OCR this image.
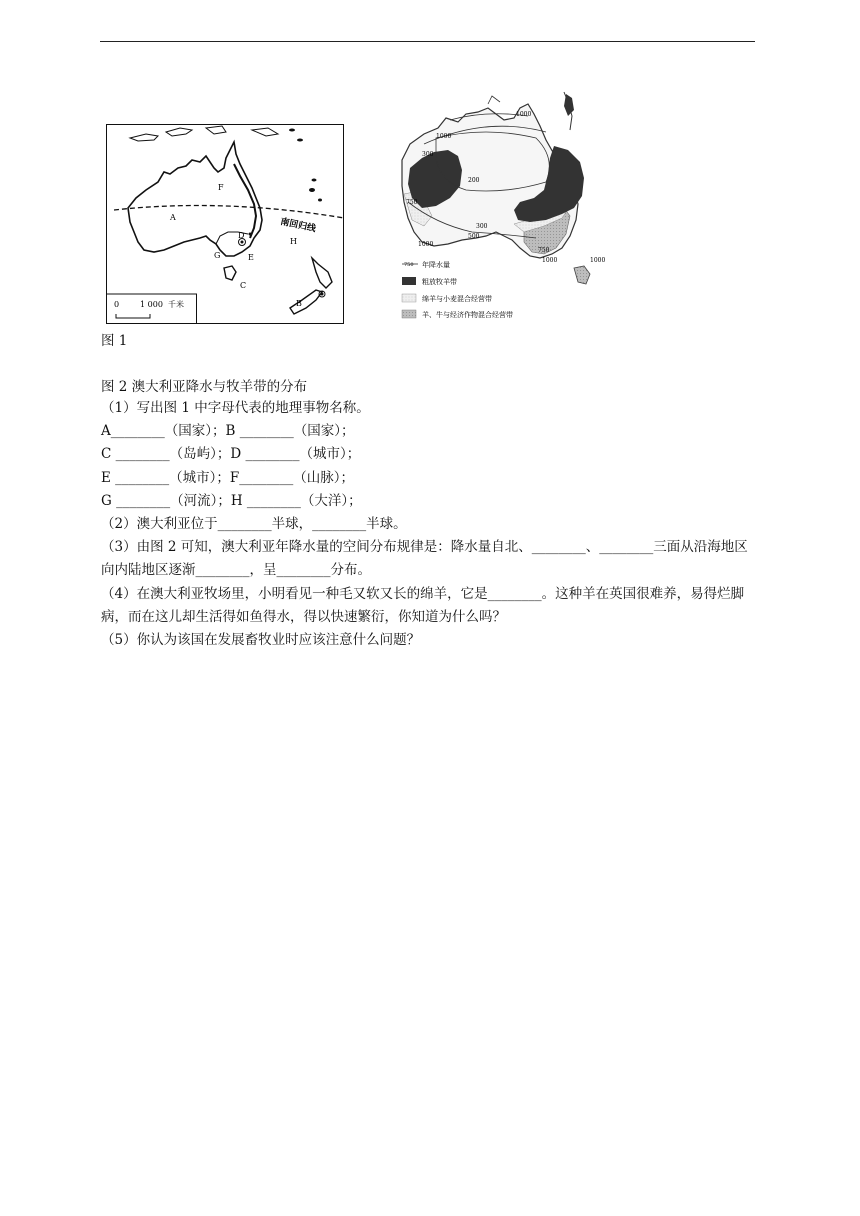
南回归线
A
B
C
D
E
F
G
H
0	1 000 千米
1000
300
200
750
500
300
1000
750
1000	1000
1000
750 年降水量
粗放牧羊带
绵羊与小麦混合经营带
羊、牛与经济作物混合经营带
图 1
图 2 澳大利亚降水与牧羊带的分布

（1）写出图 1 中字母代表的地理事物名称。

A________（国家）；B ________（国家）；

C ________（岛屿）；D ________（城市）；

E ________（城市）；F________（山脉）；

G ________（河流）；H ________（大洋）；

（2）澳大利亚位于________半球，________半球。

（3）由图 2 可知，澳大利亚年降水量的空间分布规律是：降水量自北、________、________三面从沿海地区向内陆地区逐渐________，呈________分布。

（4）在澳大利亚牧场里，小明看见一种毛又软又长的绵羊，它是________。这种羊在英国很难养，易得烂脚病，而在这儿却生活得如鱼得水，得以快速繁衍，你知道为什么吗？

（5）你认为该国在发展畜牧业时应该注意什么问题？
